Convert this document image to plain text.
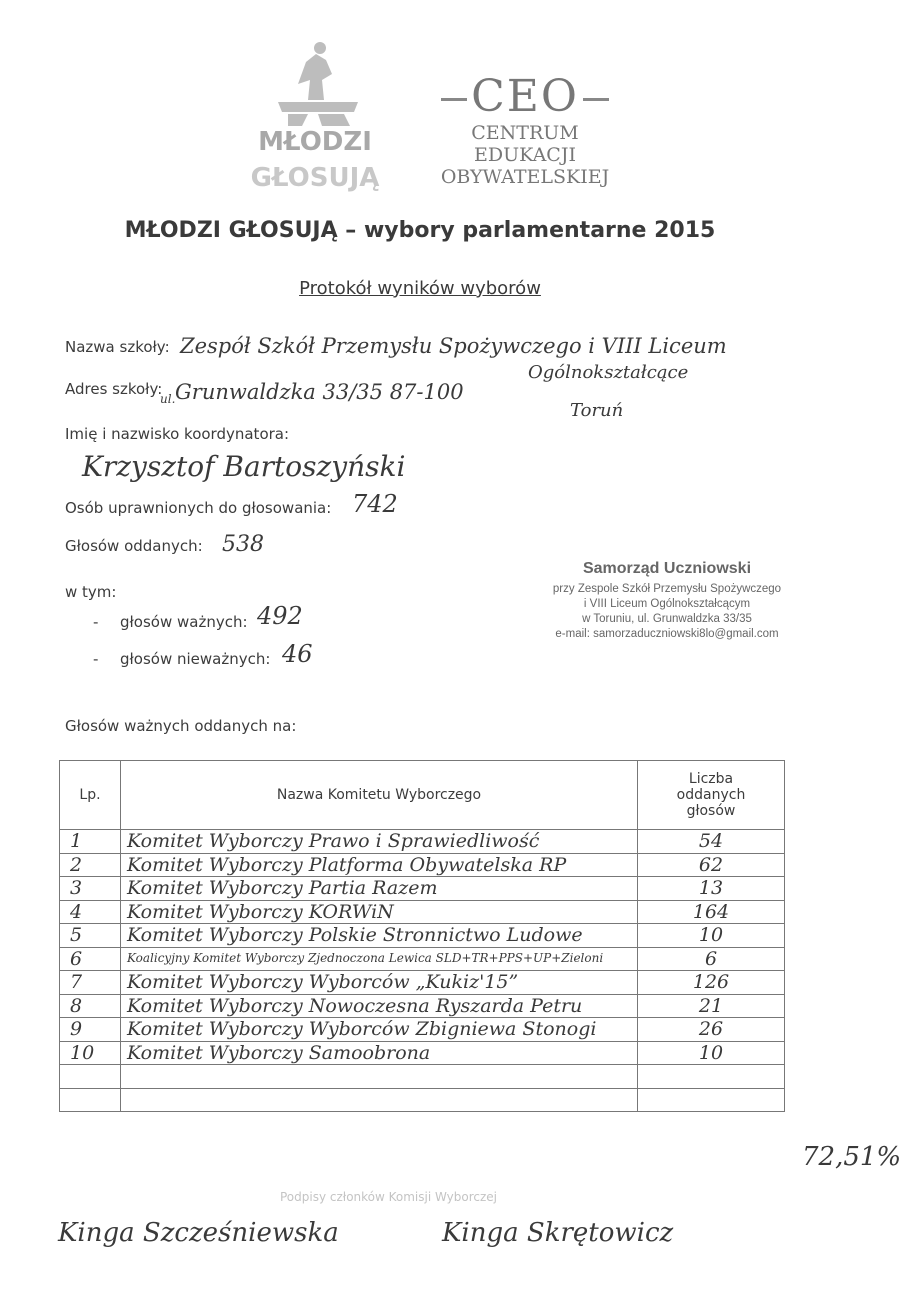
MŁODZI
GŁOSUJĄ
CEO
CENTRUM EDUKACJI
OBYWATELSKIEJ
MŁODZI GŁOSUJĄ – wybory parlamentarne 2015
Protokół wyników wyborów
Nazwa szkoły: Zespół Szkół Przemysłu Spożywczego i VIII Liceum
Ogólnokształcące
Adres szkoły:
ul. Grunwaldzka 33/35 87-100
Toruń
Imię i nazwisko koordynatora:
Krzysztof Bartoszyński
Osób uprawnionych do głosowania: 742
Głosów oddanych: 538
w tym:
- głosów ważnych: 492
- głosów nieważnych: 46
Samorząd Uczniowski
przy Zespole Szkół Przemysłu Spożywczego
i VIII Liceum Ogólnokształcącym
w Toruniu, ul. Grunwaldzka 33/35
e-mail: samorzaduczniowski8lo@gmail.com
Głosów ważnych oddanych na:
Lp.	Nazwa Komitetu Wyborczego	Liczba oddanych głosów
1	Komitet Wyborczy Prawo i Sprawiedliwość	54
2	Komitet Wyborczy Platforma Obywatelska RP	62
3	Komitet Wyborczy Partia Razem	13
4	Komitet Wyborczy KORWiN	164
5	Komitet Wyborczy Polskie Stronnictwo Ludowe	10
6	Koalicyjny Komitet Wyborczy Zjednoczona Lewica SLD+TR+PPS+UP+Zieloni	6
7	Komitet Wyborczy Wyborców „Kukiz'15”	126
8	Komitet Wyborczy Nowoczesna Ryszarda Petru	21
9	Komitet Wyborczy Wyborców Zbigniewa Stonogi	26
10	Komitet Wyborczy Samoobrona	10

72,51%
Podpisy członków Komisji Wyborczej
Kinga Szcześniewska	Kinga Skrętowicz
